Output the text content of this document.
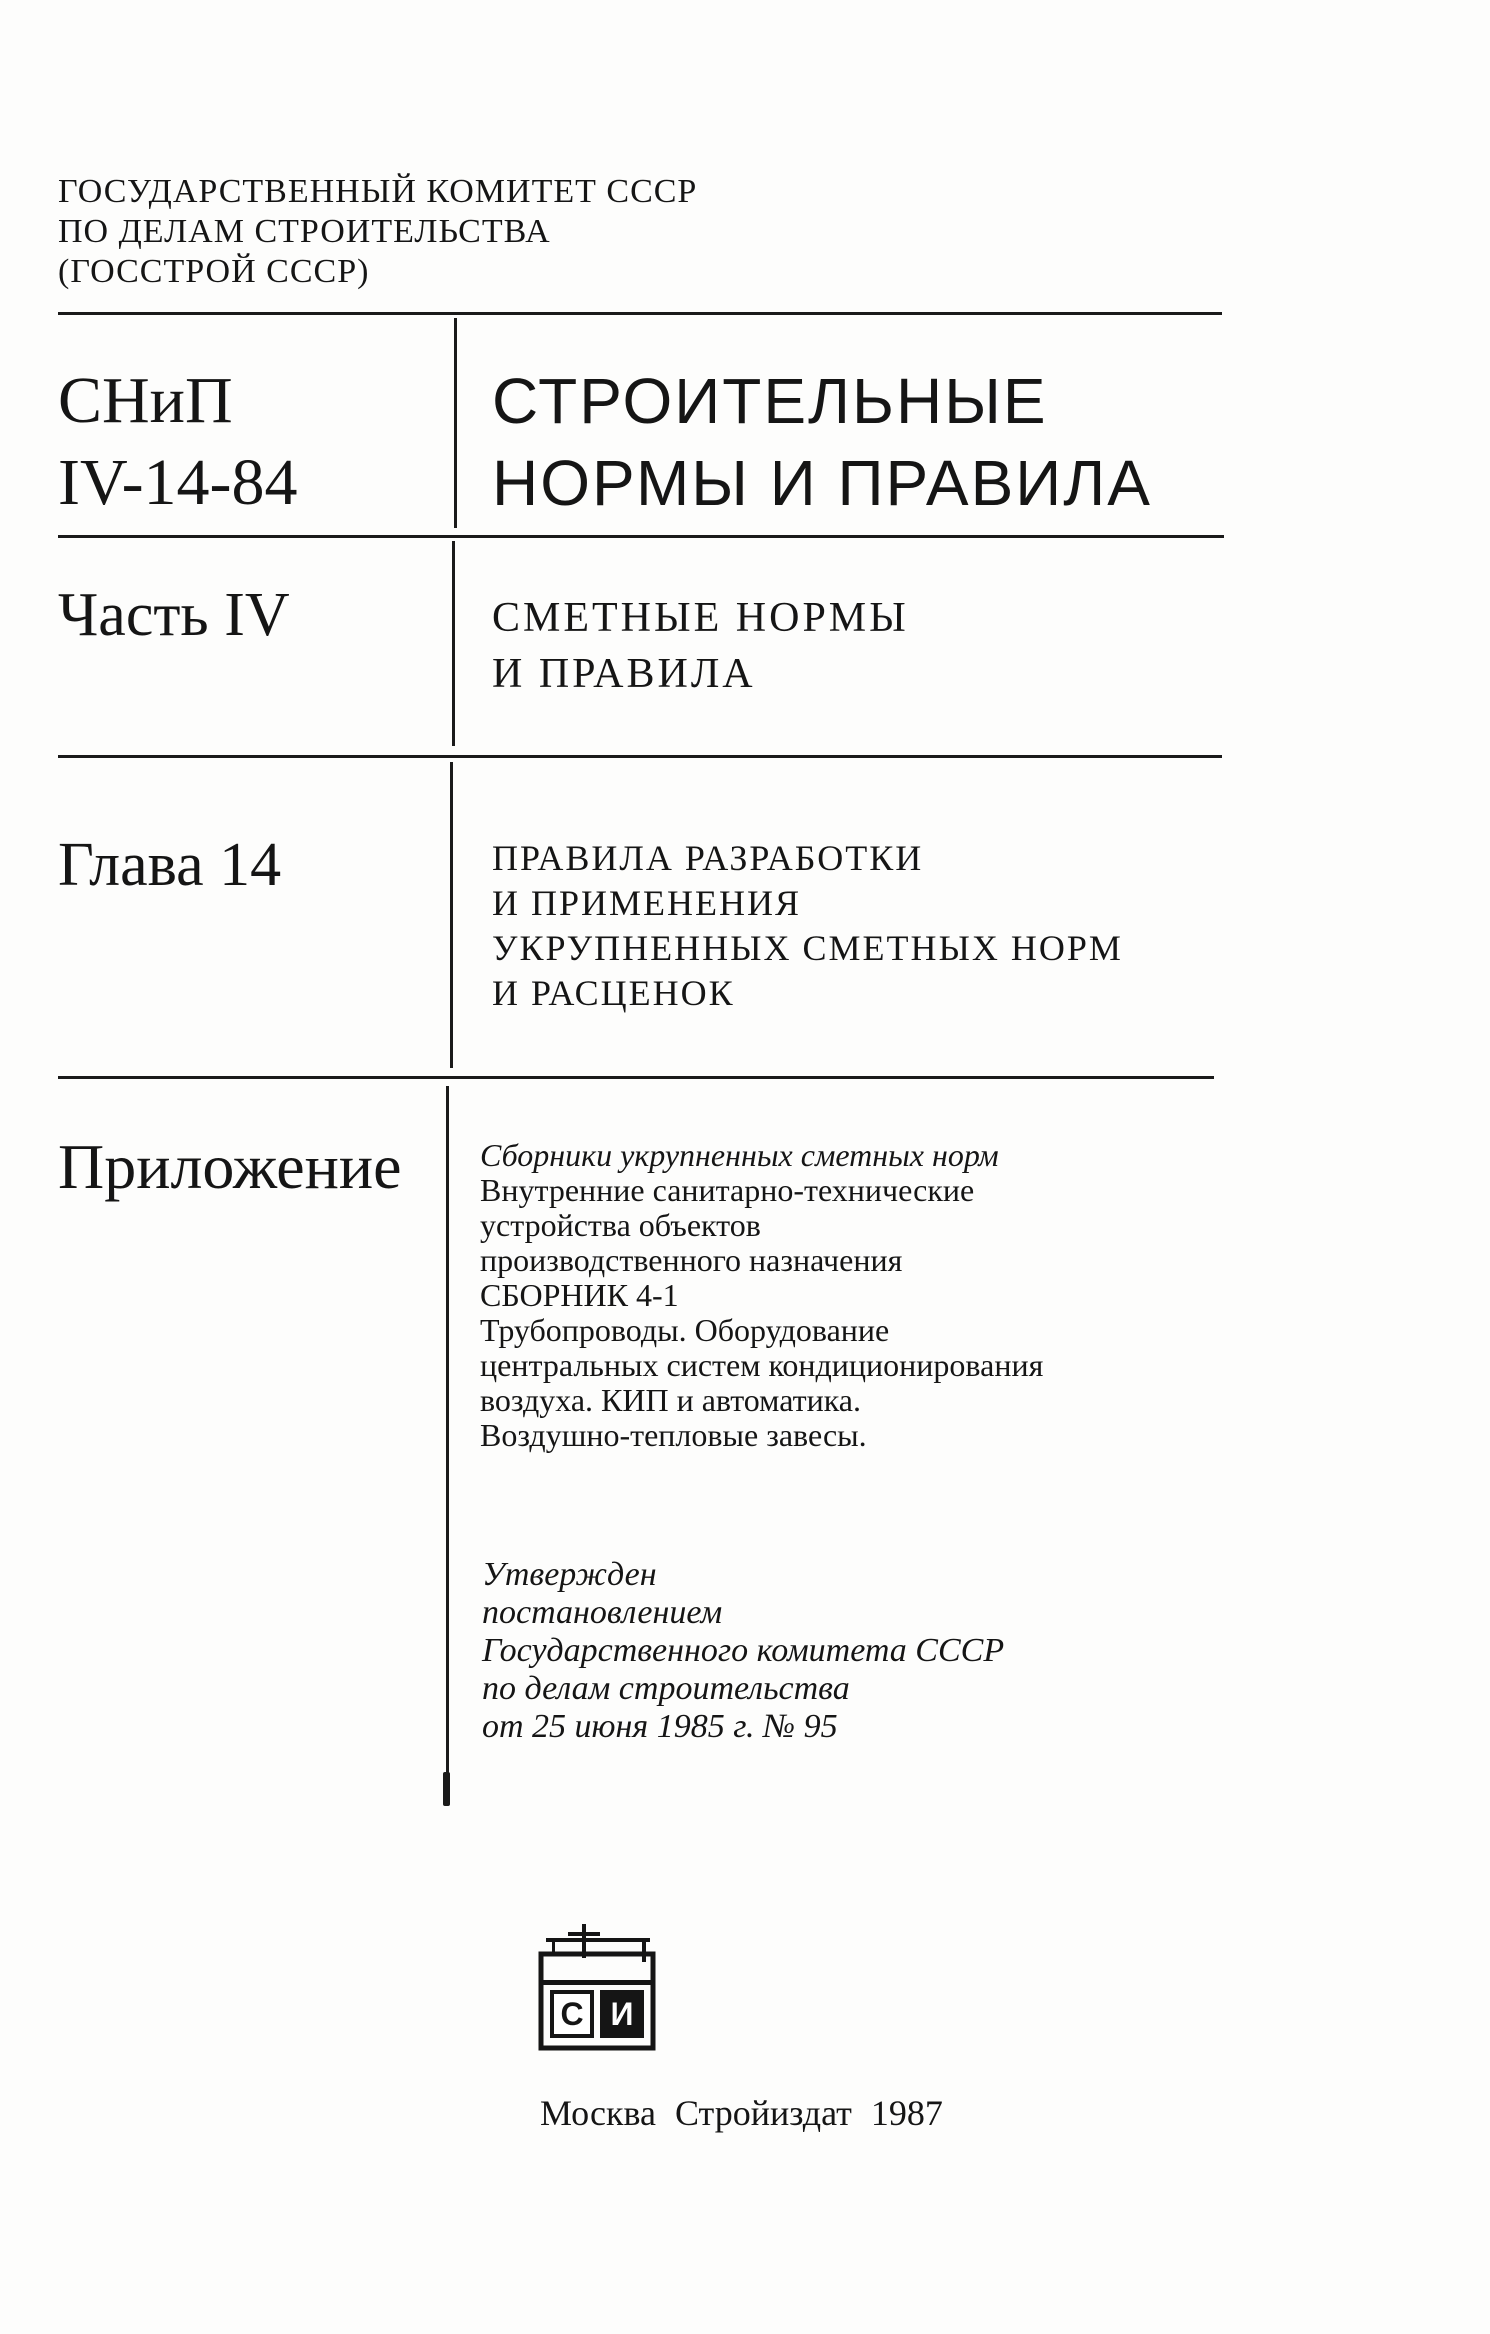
ГОСУДАРСТВЕННЫЙ КОМИТЕТ СССР
ПО ДЕЛАМ СТРОИТЕЛЬСТВА
(ГОССТРОЙ СССР)
СНиП
IV-14-84
СТРОИТЕЛЬНЫЕ
НОРМЫ И ПРАВИЛА
Часть IV	СМЕТНЫЕ НОРМЫ
И ПРАВИЛА
Глава 14	ПРАВИЛА РАЗРАБОТКИ
И ПРИМЕНЕНИЯ
УКРУПНЕННЫХ СМЕТНЫХ НОРМ
И РАСЦЕНОК
Приложение Сборники укрупненных сметных норм
Внутренние санитарно-технические
устройства объектов
производственного назначения
СБОРНИК 4-1
Трубопроводы. Оборудование
центральных систем кондиционирования
воздуха. КИП и автоматика.
Воздушно-тепловые завесы.
Утвержден
постановлением
Государственного комитета СССР
по делам строительства
от 25 июня 1985 г. № 95
С И
Москва Стройиздат 1987
